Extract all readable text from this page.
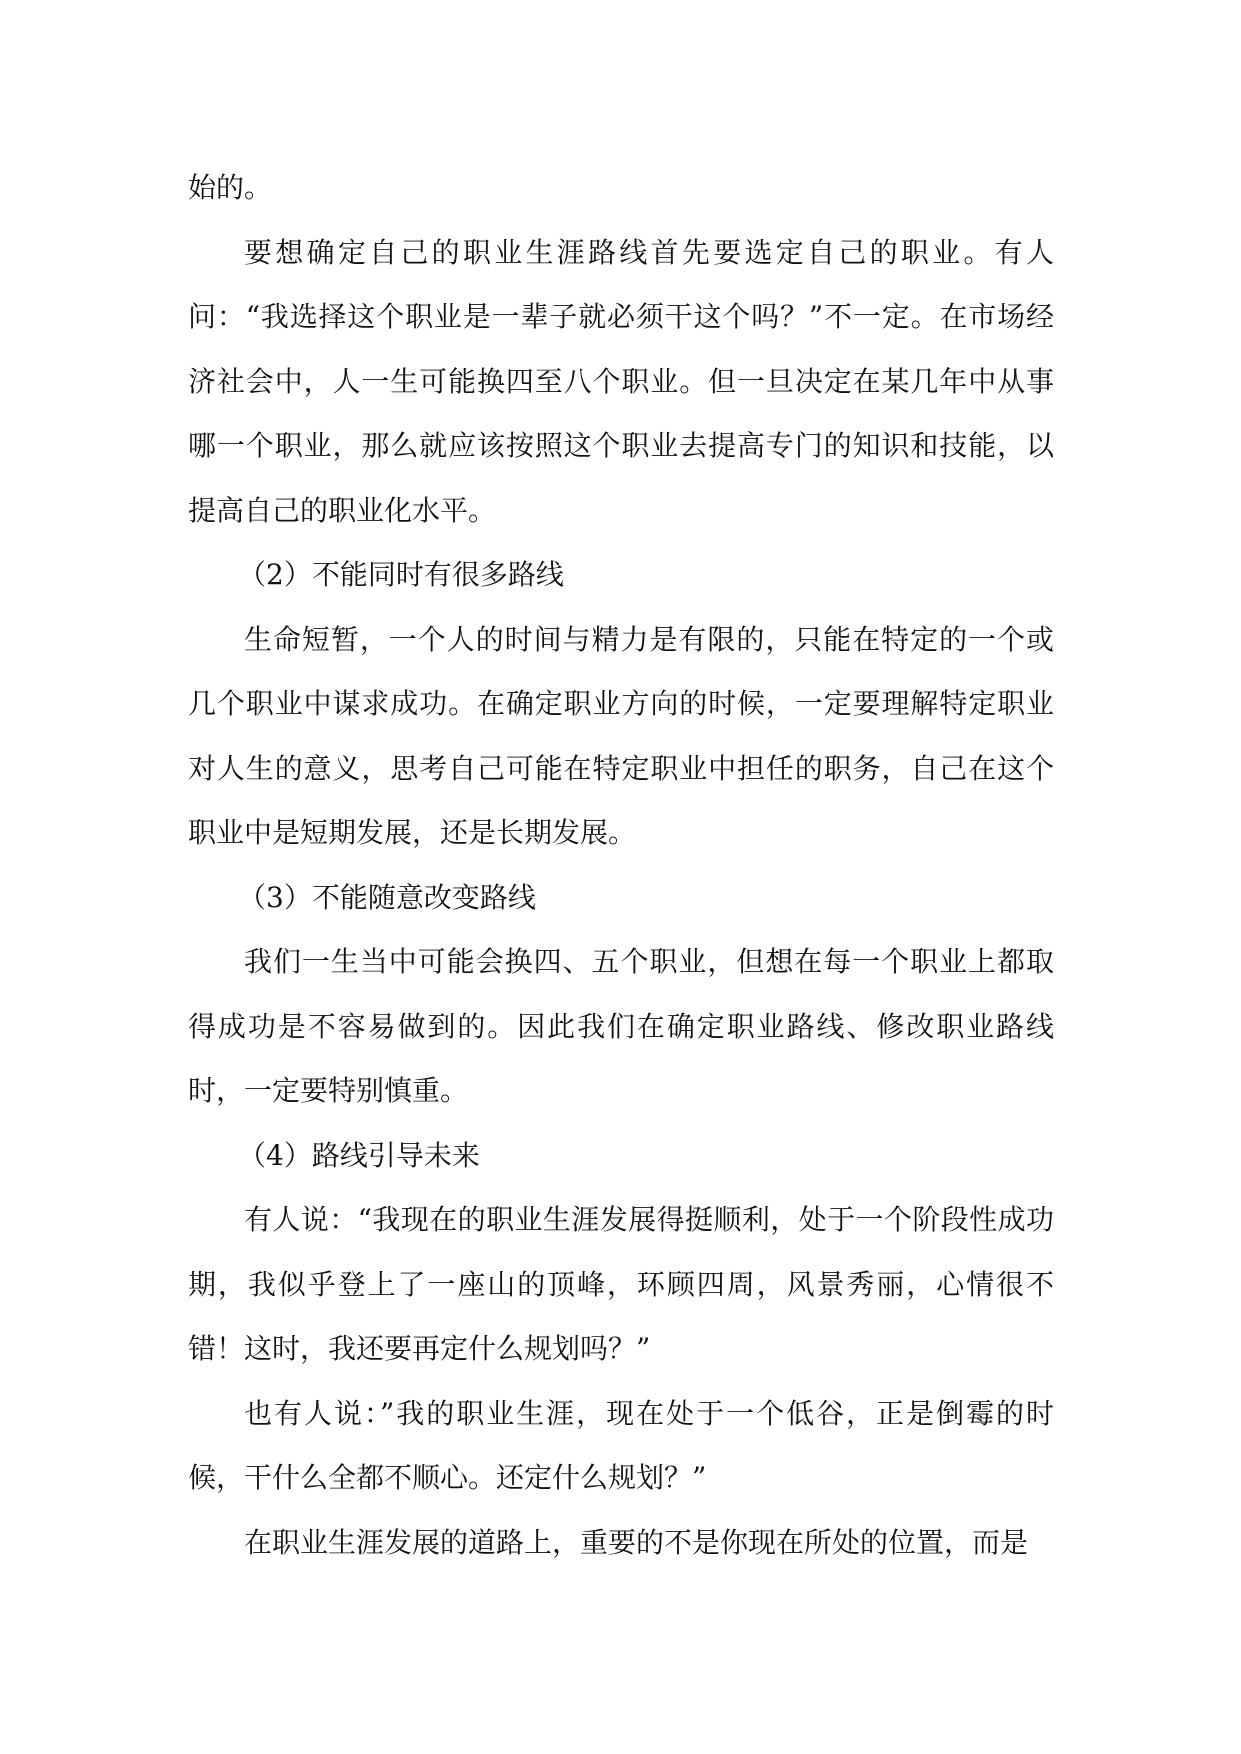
始的。

要想确定自己的职业生涯路线首先要选定自己的职业。有人问：“我选择这个职业是一辈子就必须干这个吗？”不一定。在市场经济社会中，人一生可能换四至八个职业。但一旦决定在某几年中从事哪一个职业，那么就应该按照这个职业去提高专门的知识和技能，以提高自己的职业化水平。

（2）不能同时有很多路线

生命短暂，一个人的时间与精力是有限的，只能在特定的一个或几个职业中谋求成功。在确定职业方向的时候，一定要理解特定职业对人生的意义，思考自己可能在特定职业中担任的职务，自己在这个职业中是短期发展，还是长期发展。

（3）不能随意改变路线

我们一生当中可能会换四、五个职业，但想在每一个职业上都取得成功是不容易做到的。因此我们在确定职业路线、修改职业路线时，一定要特别慎重。

（4）路线引导未来

有人说：“我现在的职业生涯发展得挺顺利，处于一个阶段性成功期，我似乎登上了一座山的顶峰，环顾四周，风景秀丽，心情很不错！这时，我还要再定什么规划吗？”

也有人说：”我的职业生涯，现在处于一个低谷，正是倒霉的时候，干什么全都不顺心。还定什么规划？”

在职业生涯发展的道路上，重要的不是你现在所处的位置，而是
